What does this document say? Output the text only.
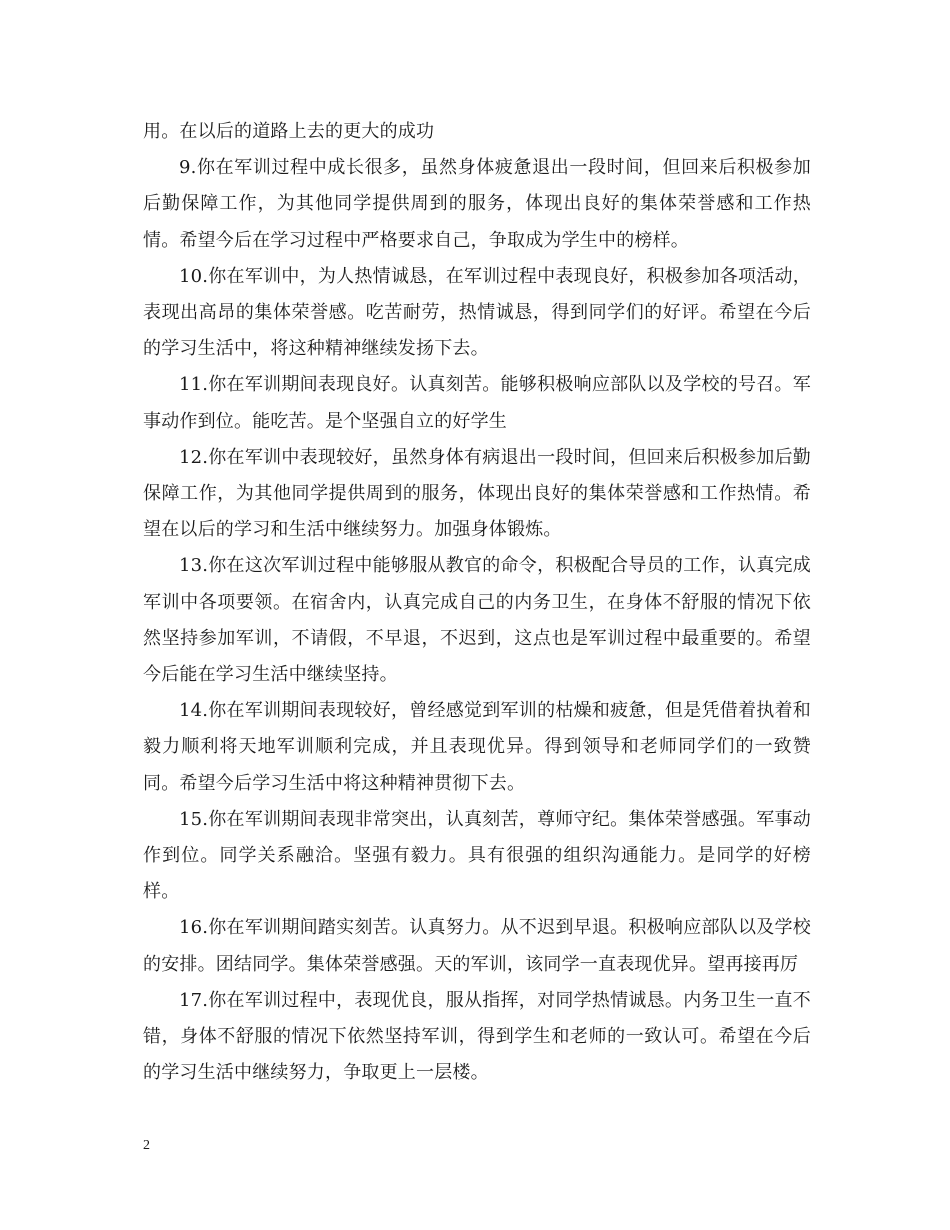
用。在以后的道路上去的更大的成功

9.你在军训过程中成长很多，虽然身体疲惫退出一段时间，但回来后积极参加后勤保障工作，为其他同学提供周到的服务，体现出良好的集体荣誉感和工作热情。希望今后在学习过程中严格要求自己，争取成为学生中的榜样。

10.你在军训中，为人热情诚恳，在军训过程中表现良好，积极参加各项活动，表现出高昂的集体荣誉感。吃苦耐劳，热情诚恳，得到同学们的好评。希望在今后的学习生活中，将这种精神继续发扬下去。

11.你在军训期间表现良好。认真刻苦。能够积极响应部队以及学校的号召。军事动作到位。能吃苦。是个坚强自立的好学生

12.你在军训中表现较好，虽然身体有病退出一段时间，但回来后积极参加后勤保障工作，为其他同学提供周到的服务，体现出良好的集体荣誉感和工作热情。希望在以后的学习和生活中继续努力。加强身体锻炼。

13.你在这次军训过程中能够服从教官的命令，积极配合导员的工作，认真完成军训中各项要领。在宿舍内，认真完成自己的内务卫生，在身体不舒服的情况下依然坚持参加军训，不请假，不早退，不迟到，这点也是军训过程中最重要的。希望今后能在学习生活中继续坚持。

14.你在军训期间表现较好，曾经感觉到军训的枯燥和疲惫，但是凭借着执着和毅力顺利将天地军训顺利完成，并且表现优异。得到领导和老师同学们的一致赞同。希望今后学习生活中将这种精神贯彻下去。

15.你在军训期间表现非常突出，认真刻苦，尊师守纪。集体荣誉感强。军事动作到位。同学关系融洽。坚强有毅力。具有很强的组织沟通能力。是同学的好榜样。

16.你在军训期间踏实刻苦。认真努力。从不迟到早退。积极响应部队以及学校的安排。团结同学。集体荣誉感强。天的军训，该同学一直表现优异。望再接再厉

17.你在军训过程中，表现优良，服从指挥，对同学热情诚恳。内务卫生一直不错，身体不舒服的情况下依然坚持军训，得到学生和老师的一致认可。希望在今后的学习生活中继续努力，争取更上一层楼。

2
